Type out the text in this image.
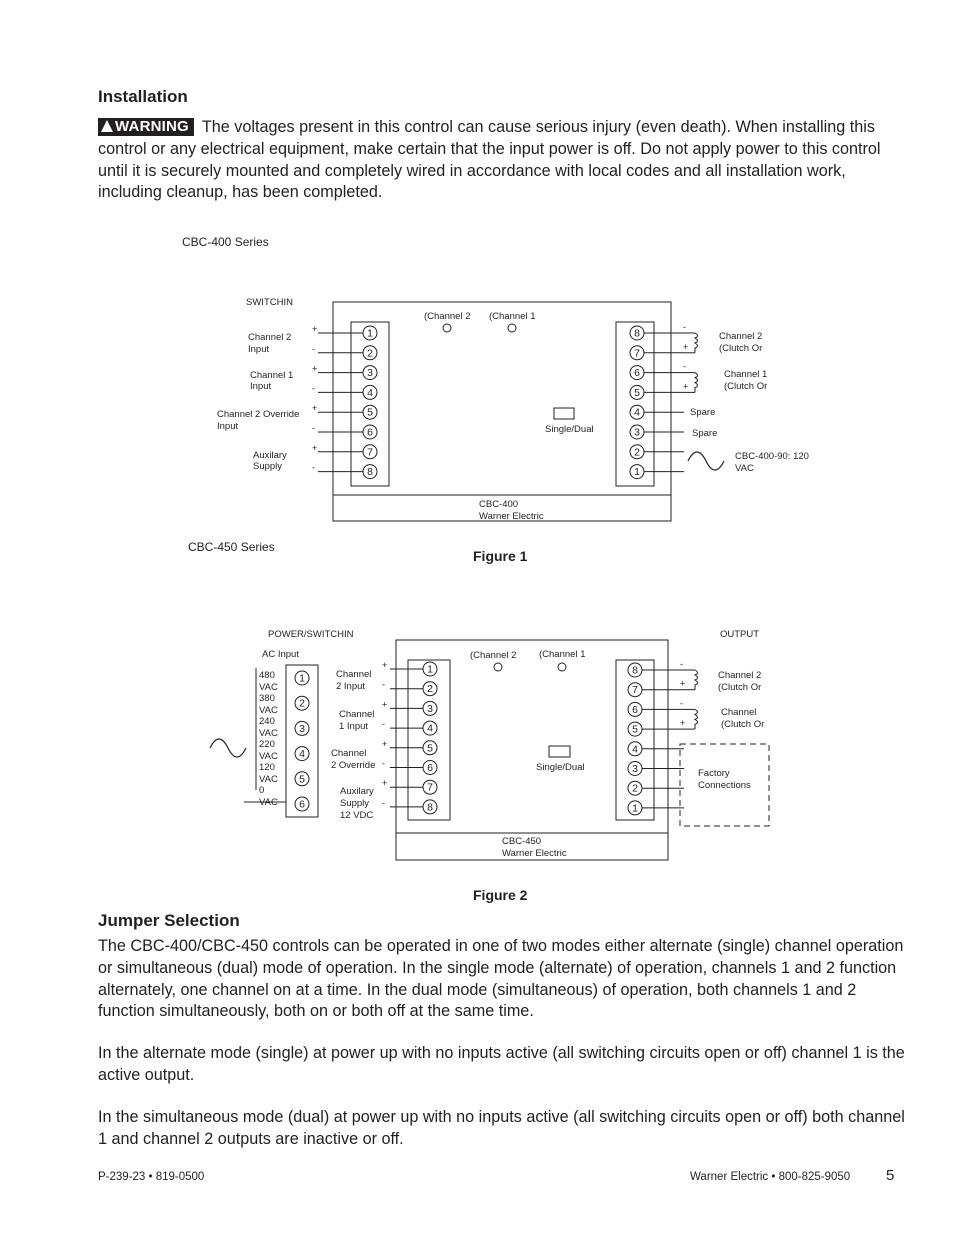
Installation

WARNING The voltages present in this control can cause serious injury (even death). When installing this control or any electrical equipment, make certain that the input power is off. Do not apply power to this control until it is securely mounted and completely wired in accordance with local codes and all installation work, including cleanup, has been completed.

CBC-400 Series
SWITCHIN
CBC-400
Warner Electric
1
+
2
-
3
+
4
-
5
+
6
-
7
+
8
-
8
7
6
5
4
3
2
1
-
+
-
+
(Channel 2 (Channel 1
Single/Dual
Channel 2
Input
Channel 1
Input
Channel 2 Override
Input
Auxilary
Supply
Channel 2
(Clutch Or
Channel 1
(Clutch Or
Spare
Spare
CBC-400-90: 120
VAC
CBC-450 Series

Figure 1

POWER/SWITCHIN	OUTPUT
AC Input
CBC-450
Warner Electric
1
2
3
4
5
6
480
VAC
380
VAC
240
VAC
220
VAC
120
VAC
0
VAC
1
+
2
-
3
+
4
-
5
+
6
-
7
+
8
-
8
7
6
5
4
3
2
1
-
+
-
+
(Channel 2 (Channel 1
Single/Dual
Channel
2 Input
Channel
1 Input
Channel
2 Override
Auxilary
Supply
12 VDC
Channel 2
(Clutch Or
Channel
(Clutch Or
Factory
Connections

Figure 2

Jumper Selection

The CBC-400/CBC-450 controls can be operated in one of two modes either alternate (single) channel operation or simultaneous (dual) mode of operation. In the single mode (alternate) of operation, channels 1 and 2 function alternately, one channel on at a time. In the dual mode (simultaneous) of operation, both channels 1 and 2 function simultaneously, both on or both off at the same time.

In the alternate mode (single) at power up with no inputs active (all switching circuits open or off) channel 1 is the active output.

In the simultaneous mode (dual) at power up with no inputs active (all switching circuits open or off) both channel 1 and channel 2 outputs are inactive or off.

P-239-23 • 819-0500	Warner Electric • 800-825-9050 5
